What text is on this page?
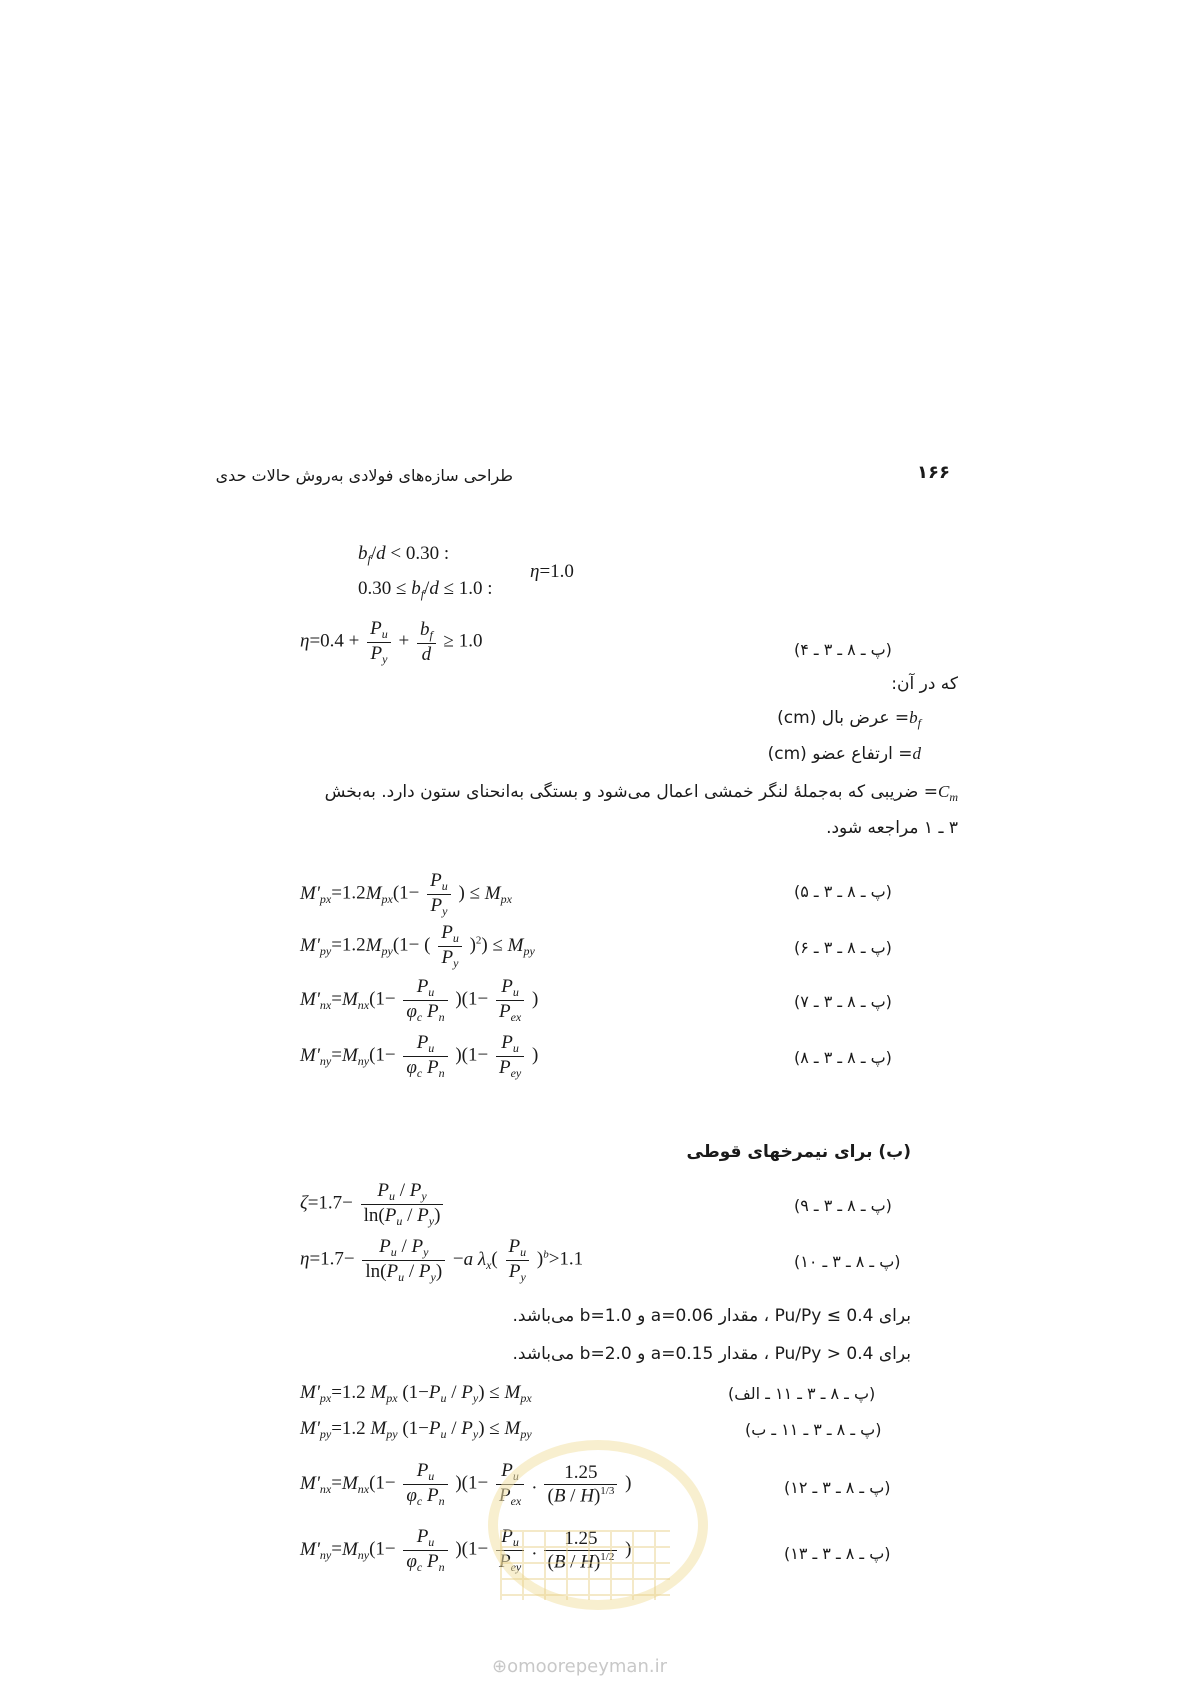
۱۶۶
طراحی سازه‌های فولادی به‌روش حالات حدی
$b_f/d < 0.30$ :
$0.30 \le b_f/d \le 1.0$ :
η=1.0
$\eta=0.4 + \frac{P_u}{P_y} + \frac{b_f}{d} \ge 1.0$	(پ ـ ۸ ـ ۳ ـ ۴)
که در آن:
$b_f=$ عرض بال (cm)
d= ارتفاع عضو (cm)
$C_m=$ ضریبی که به‌جملهٔ لنگر خمشی اعمال می‌شود و بستگی به‌انحنای ستون دارد. به‌بخش
۳ ـ ۱ مراجعه شود.
$M'_{px}=1.2M_{px}(1- \frac{P_u}{P_y}$ ) ≤ $M_{px}$	(پ ـ ۸ ـ ۳ ـ ۵)
$M'_{py}=1.2M_{py}(1-$ ( $\frac{P_u}{P_y} )^2) \le M_{py}$	(پ ـ ۸ ـ ۳ ـ ۶)
$M'_{nx}=M_{nx}(1- \frac{P_u}{\varphi_c P_n} )(1- \frac{P_u}{P_{ex}}$ )	(پ ـ ۸ ـ ۳ ـ ۷)
$M'_{ny}=M_{ny}(1- \frac{P_u}{\varphi_c P_n} )(1- \frac{P_u}{P_{ey}}$ )	(پ ـ ۸ ـ ۳ ـ ۸)
(ب) برای نیمرخهای قوطی
$\zeta=1.7- \frac{P_u / P_y}{\ln(P_u / P_y)}$	(پ ـ ۸ ـ ۳ ـ ۹)
$\eta=1.7- \frac{P_u / P_y}{\ln(P_u / P_y)} -a$ $\lambda_x( \frac{P_u}{P_y} )^b>1.1$	(پ ـ ۸ ـ ۳ ـ ۱۰)
برای 0.4 ≥ Pu/Py ، مقدار a=0.06 و b=1.0 می‌باشد.
برای 0.4 < Pu/Py ، مقدار a=0.15 و b=2.0 می‌باشد.
$M'_{px}=1.2$ $M_{px}$ $(1-P_u / P_y) \le M_{px}$	(پ ـ ۸ ـ ۳ ـ ۱۱ ـ الف)
$M'_{py}=1.2$ $M_{py}$ $(1-P_u / P_y) \le M_{py}$	(پ ـ ۸ ـ ۳ ـ ۱۱ ـ ب)
$M'_{nx}=M_{nx}(1- \frac{P_u}{\varphi_c P_n} )(1- \frac{P_u}{P_{ex}}$ . $\frac{1.25}{(B / H)^{1/3}}$ )	(پ ـ ۸ ـ ۳ ـ ۱۲)
$M'_{ny}=M_{ny}(1- \frac{P_u}{\varphi_c P_n} )(1- \frac{P_u}{P_{ey}}$ . $\frac{1.25}{(B / H)^{1/2}}$ )	(پ ـ ۸ ـ ۳ ـ ۱۳)
⊕omoorepeyman.ir
